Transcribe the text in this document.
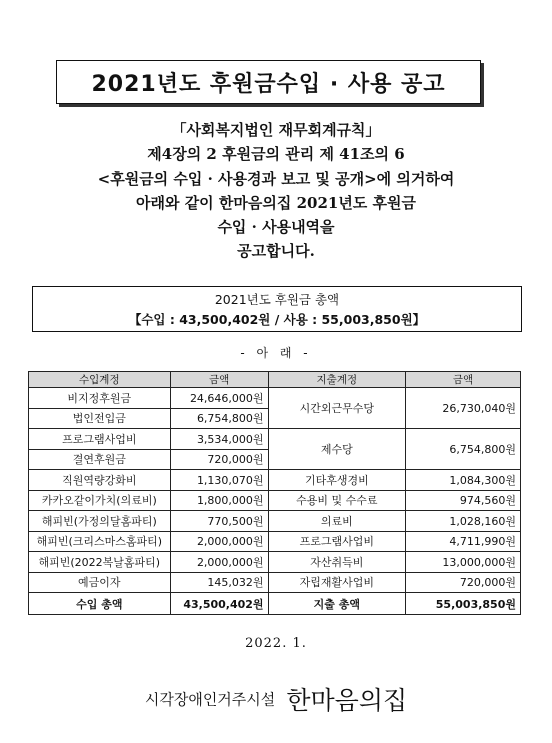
2021년도 후원금수입 · 사용 공고
「사회복지법인 재무회계규칙」
제4장의 2 후원금의 관리 제 41조의 6
<후원금의 수입 · 사용경과 보고 및 공개>에 의거하여
아래와 같이 한마음의집 2021년도 후원금
수입 · 사용내역을
공고합니다.
2021년도 후원금 총액
【수입 : 43,500,402원 / 사용 : 55,003,850원】
- 아 래 -
수입계정	금액	지출계정	금액
비지정후원금	24,646,000원	시간외근무수당	26,730,040원
법인전입금	6,754,800원		
프로그램사업비	3,534,000원	제수당	6,754,800원
결연후원금	720,000원		
직원역량강화비	1,130,070원	기타후생경비	1,084,300원
카카오같이가치(의료비)	1,800,000원	수용비 및 수수료	974,560원
해피빈(가정의달홈파티)	770,500원	의료비	1,028,160원
해피빈(크리스마스홈파티)	2,000,000원	프로그램사업비	4,711,990원
해피빈(2022복날홈파티)	2,000,000원	자산취득비	13,000,000원
예금이자	145,032원	자립재활사업비	720,000원
수입 총액	43,500,402원	지출 총액	55,003,850원
2022. 1.
시각장애인거주시설 한마음의집
